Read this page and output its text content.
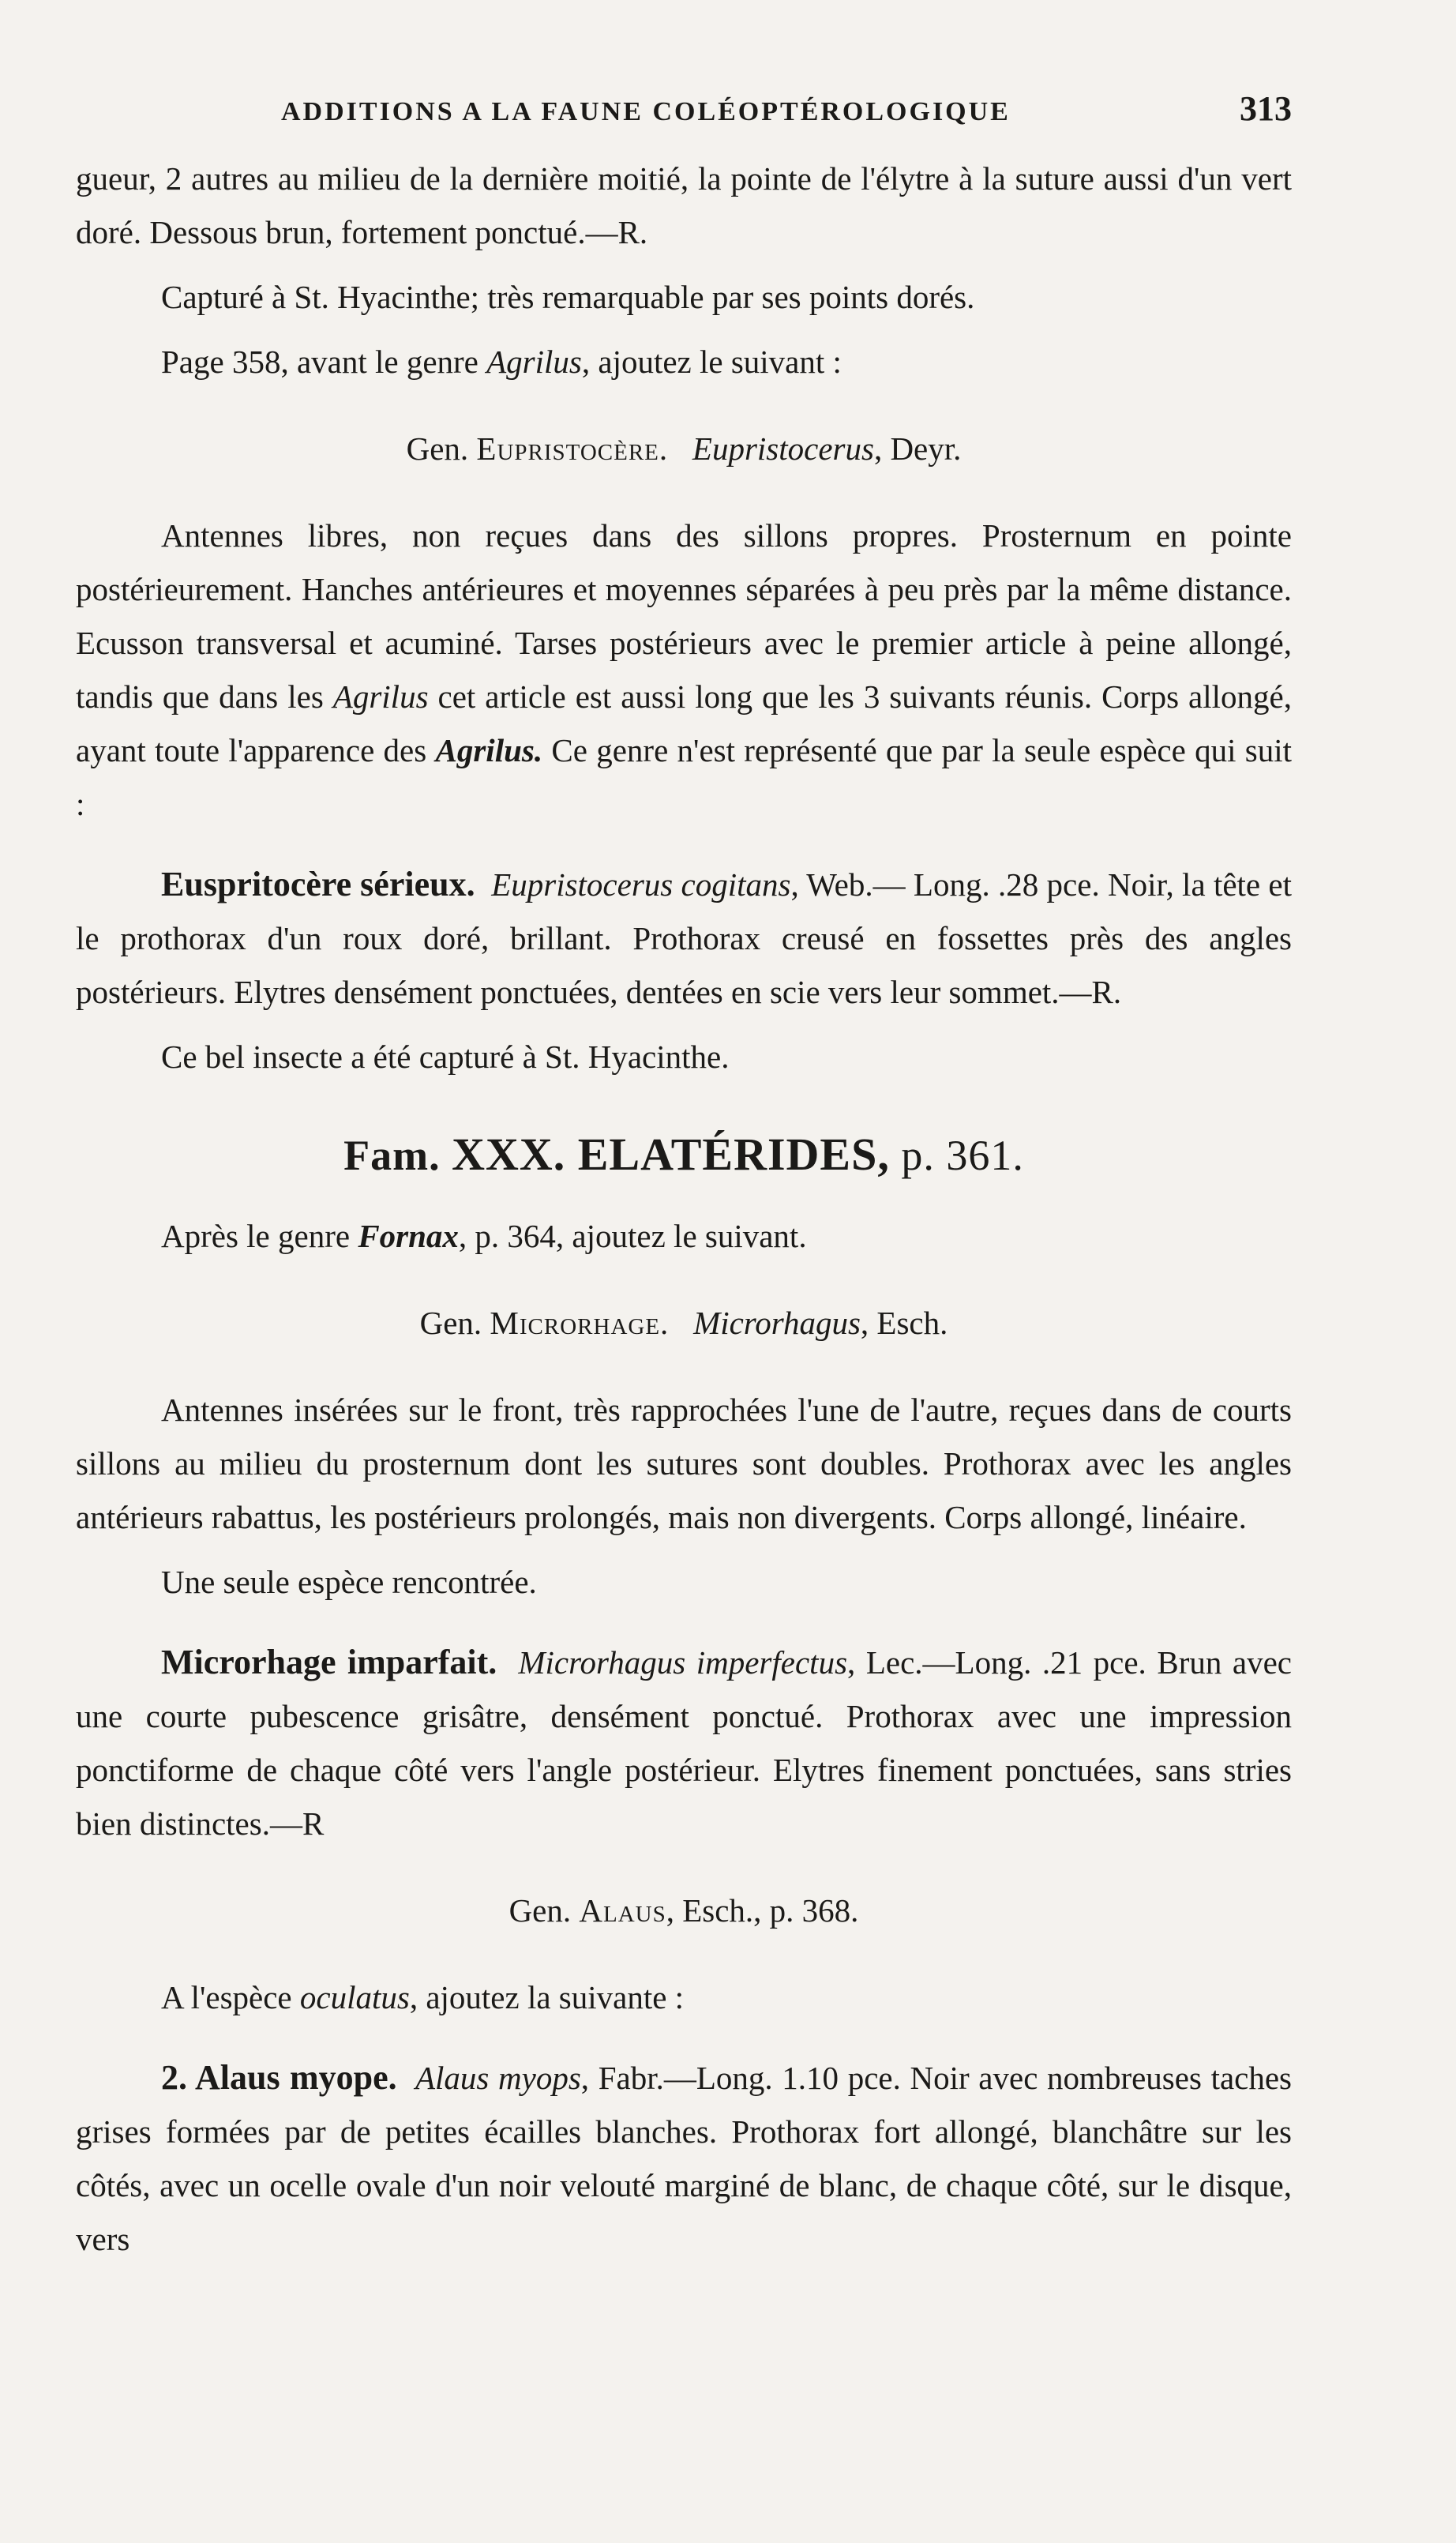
ADDITIONS A LA FAUNE COLÉOPTÉROLOGIQUE	313

gueur, 2 autres au milieu de la dernière moitié, la pointe de l'élytre à la suture aussi d'un vert doré. Dessous brun, fortement ponctué.—R.

Capturé à St. Hyacinthe; très remarquable par ses points dorés.

Page 358, avant le genre Agrilus, ajoutez le suivant :

Gen. Eupristocère. Eupristocerus, Deyr.

Antennes libres, non reçues dans des sillons propres. Prosternum en pointe postérieurement. Hanches antérieures et moyennes séparées à peu près par la même distance. Ecusson transversal et acuminé. Tarses postérieurs avec le premier article à peine allongé, tandis que dans les Agrilus cet article est aussi long que les 3 suivants réunis. Corps allongé, ayant toute l'apparence des Agrilus. Ce genre n'est représenté que par la seule espèce qui suit :

Euspritocère sérieux. Eupristocerus cogitans, Web.— Long. .28 pce. Noir, la tête et le prothorax d'un roux doré, brillant. Prothorax creusé en fossettes près des angles postérieurs. Elytres densément ponctuées, dentées en scie vers leur sommet.—R.

Ce bel insecte a été capturé à St. Hyacinthe.

Fam. XXX. ELATÉRIDES, p. 361.

Après le genre Fornax, p. 364, ajoutez le suivant.

Gen. Microrhage. Microrhagus, Esch.

Antennes insérées sur le front, très rapprochées l'une de l'autre, reçues dans de courts sillons au milieu du prosternum dont les sutures sont doubles. Prothorax avec les angles antérieurs rabattus, les postérieurs prolongés, mais non divergents. Corps allongé, linéaire.

Une seule espèce rencontrée.

Microrhage imparfait. Microrhagus imperfectus, Lec.—Long. .21 pce. Brun avec une courte pubescence grisâtre, densément ponctué. Prothorax avec une impression ponctiforme de chaque côté vers l'angle postérieur. Elytres finement ponctuées, sans stries bien distinctes.—R

Gen. Alaus, Esch., p. 368.

A l'espèce oculatus, ajoutez la suivante :

2. Alaus myope. Alaus myops, Fabr.—Long. 1.10 pce. Noir avec nombreuses taches grises formées par de petites écailles blanches. Prothorax fort allongé, blanchâtre sur les côtés, avec un ocelle ovale d'un noir velouté marginé de blanc, de chaque côté, sur le disque, vers
